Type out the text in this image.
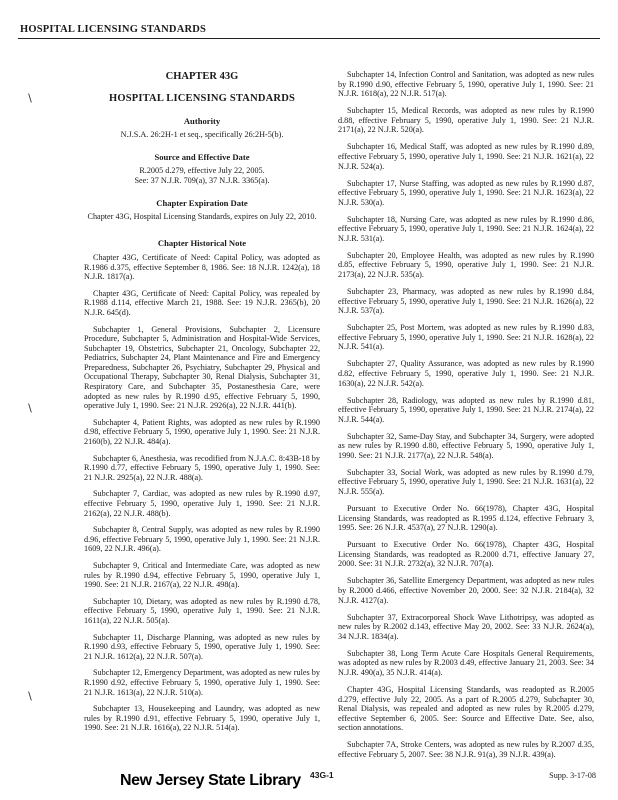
HOSPITAL LICENSING STANDARDS
∖
∖
∖
CHAPTER 43G
HOSPITAL LICENSING STANDARDS
Authority
N.J.S.A. 26:2H-1 et seq., specifically 26:2H-5(b).
Source and Effective Date
R.2005 d.279, effective July 22, 2005.
See: 37 N.J.R. 709(a), 37 N.J.R. 3365(a).
Chapter Expiration Date
Chapter 43G, Hospital Licensing Standards, expires on July 22, 2010.
Chapter Historical Note

Chapter 43G, Certificate of Need: Capital Policy, was adopted as R.1986 d.375, effective September 8, 1986. See: 18 N.J.R. 1242(a), 18 N.J.R. 1817(a).

Chapter 43G, Certificate of Need: Capital Policy, was repealed by R.1988 d.114, effective March 21, 1988. See: 19 N.J.R. 2365(b), 20 N.J.R. 645(d).

Subchapter 1, General Provisions, Subchapter 2, Licensure Procedure, Subchapter 5, Administration and Hospital-Wide Services, Subchapter 19, Obstetrics, Subchapter 21, Oncology, Subchapter 22, Pediatrics, Subchapter 24, Plant Maintenance and Fire and Emergency Preparedness, Subchapter 26, Psychiatry, Subchapter 29, Physical and Occupational Therapy, Subchapter 30, Renal Dialysis, Subchapter 31, Respiratory Care, and Subchapter 35, Postanesthesia Care, were adopted as new rules by R.1990 d.95, effective February 5, 1990, operative July 1, 1990. See: 21 N.J.R. 2926(a), 22 N.J.R. 441(b).

Subchapter 4, Patient Rights, was adopted as new rules by R.1990 d.98, effective February 5, 1990, operative July 1, 1990. See: 21 N.J.R. 2160(b), 22 N.J.R. 484(a).

Subchapter 6, Anesthesia, was recodified from N.J.A.C. 8:43B-18 by R.1990 d.77, effective February 5, 1990, operative July 1, 1990. See: 21 N.J.R. 2925(a), 22 N.J.R. 488(a).

Subchapter 7, Cardiac, was adopted as new rules by R.1990 d.97, effective February 5, 1990, operative July 1, 1990. See: 21 N.J.R. 2162(a), 22 N.J.R. 488(b).

Subchapter 8, Central Supply, was adopted as new rules by R.1990 d.96, effective February 5, 1990, operative July 1, 1990. See: 21 N.J.R. 1609, 22 N.J.R. 496(a).

Subchapter 9, Critical and Intermediate Care, was adopted as new rules by R.1990 d.94, effective February 5, 1990, operative July 1, 1990. See: 21 N.J.R. 2167(a), 22 N.J.R. 498(a).

Subchapter 10, Dietary, was adopted as new rules by R.1990 d.78, effective February 5, 1990, operative July 1, 1990. See: 21 N.J.R. 1611(a), 22 N.J.R. 505(a).

Subchapter 11, Discharge Planning, was adopted as new rules by R.1990 d.93, effective February 5, 1990, operative July 1, 1990. See: 21 N.J.R. 1612(a), 22 N.J.R. 507(a).

Subchapter 12, Emergency Department, was adopted as new rules by R.1990 d.92, effective February 5, 1990, operative July 1, 1990. See: 21 N.J.R. 1613(a), 22 N.J.R. 510(a).

Subchapter 13, Housekeeping and Laundry, was adopted as new rules by R.1990 d.91, effective February 5, 1990, operative July 1, 1990. See: 21 N.J.R. 1616(a), 22 N.J.R. 514(a).

Subchapter 14, Infection Control and Sanitation, was adopted as new rules by R.1990 d.90, effective February 5, 1990, operative July 1, 1990. See: 21 N.J.R. 1618(a), 22 N.J.R. 517(a).

Subchapter 15, Medical Records, was adopted as new rules by R.1990 d.88, effective February 5, 1990, operative July 1, 1990. See: 21 N.J.R. 2171(a), 22 N.J.R. 520(a).

Subchapter 16, Medical Staff, was adopted as new rules by R.1990 d.89, effective February 5, 1990, operative July 1, 1990. See: 21 N.J.R. 1621(a), 22 N.J.R. 524(a).

Subchapter 17, Nurse Staffing, was adopted as new rules by R.1990 d.87, effective February 5, 1990, operative July 1, 1990. See: 21 N.J.R. 1623(a), 22 N.J.R. 530(a).

Subchapter 18, Nursing Care, was adopted as new rules by R.1990 d.86, effective February 5, 1990, operative July 1, 1990. See: 21 N.J.R. 1624(a), 22 N.J.R. 531(a).

Subchapter 20, Employee Health, was adopted as new rules by R.1990 d.85, effective February 5, 1990, operative July 1, 1990. See: 21 N.J.R. 2173(a), 22 N.J.R. 535(a).

Subchapter 23, Pharmacy, was adopted as new rules by R.1990 d.84, effective February 5, 1990, operative July 1, 1990. See: 21 N.J.R. 1626(a), 22 N.J.R. 537(a).

Subchapter 25, Post Mortem, was adopted as new rules by R.1990 d.83, effective February 5, 1990, operative July 1, 1990. See: 21 N.J.R. 1628(a), 22 N.J.R. 541(a).

Subchapter 27, Quality Assurance, was adopted as new rules by R.1990 d.82, effective February 5, 1990, operative July 1, 1990. See: 21 N.J.R. 1630(a), 22 N.J.R. 542(a).

Subchapter 28, Radiology, was adopted as new rules by R.1990 d.81, effective February 5, 1990, operative July 1, 1990. See: 21 N.J.R. 2174(a), 22 N.J.R. 544(a).

Subchapter 32, Same-Day Stay, and Subchapter 34, Surgery, were adopted as new rules by R.1990 d.80, effective February 5, 1990, operative July 1, 1990. See: 21 N.J.R. 2177(a), 22 N.J.R. 548(a).

Subchapter 33, Social Work, was adopted as new rules by R.1990 d.79, effective February 5, 1990, operative July 1, 1990. See: 21 N.J.R. 1631(a), 22 N.J.R. 555(a).

Pursuant to Executive Order No. 66(1978), Chapter 43G, Hospital Licensing Standards, was readopted as R.1995 d.124, effective February 3, 1995. See: 26 N.J.R. 4537(a), 27 N.J.R. 1290(a).

Pursuant to Executive Order No. 66(1978), Chapter 43G, Hospital Licensing Standards, was readopted as R.2000 d.71, effective January 27, 2000. See: 31 N.J.R. 2732(a), 32 N.J.R. 707(a).

Subchapter 36, Satellite Emergency Department, was adopted as new rules by R.2000 d.466, effective November 20, 2000. See: 32 N.J.R. 2184(a), 32 N.J.R. 4127(a).

Subchapter 37, Extracorporeal Shock Wave Lithotripsy, was adopted as new rules by R.2002 d.143, effective May 20, 2002. See: 33 N.J.R. 2624(a), 34 N.J.R. 1834(a).

Subchapter 38, Long Term Acute Care Hospitals General Requirements, was adopted as new rules by R.2003 d.49, effective January 21, 2003. See: 34 N.J.R. 490(a), 35 N.J.R. 414(a).

Chapter 43G, Hospital Licensing Standards, was readopted as R.2005 d.279, effective July 22, 2005. As a part of R.2005 d.279, Subchapter 30, Renal Dialysis, was repealed and adopted as new rules by R.2005 d.279, effective September 6, 2005. See: Source and Effective Date. See, also, section annotations.

Subchapter 7A, Stroke Centers, was adopted as new rules by R.2007 d.35, effective February 5, 2007. See: 38 N.J.R. 91(a), 39 N.J.R. 439(a).

New Jersey State Library 43G-1	Supp. 3-17-08
